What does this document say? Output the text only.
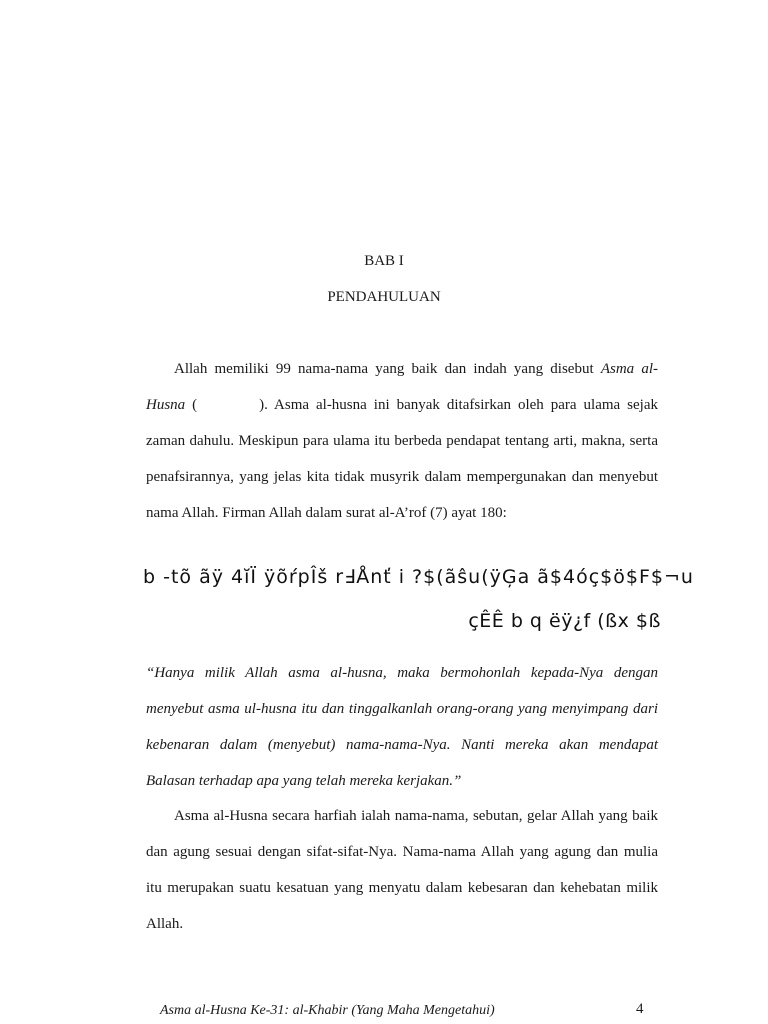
BAB I
PENDAHULUAN

Allah memiliki 99 nama-nama yang baik dan indah yang disebut Asma al-Husna (	). Asma al-husna ini banyak ditafsirkan oleh para ulama sejak zaman dahulu. Meskipun para ulama itu berbeda pendapat tentang arti, makna, serta penafsirannya, yang jelas kita tidak musyrik dalam mempergunakan dan menyebut nama Allah. Firman Allah dalam surat al-A’rof (7) ayat 180:

b -tõ ãÿ 4ĭÏ ÿõŕpÎš r߃Ånť i ?$(ãŝu(ÿĢa ã$4óç$ö$F$¬u
çÊÊ b q ëÿ¿f (ßx $ß
“Hanya milik Allah asma al-husna, maka bermohonlah kepada-Nya dengan menyebut asma ul-husna itu dan tinggalkanlah orang-orang yang menyimpang dari kebenaran dalam (menyebut) nama-nama-Nya. Nanti mereka akan mendapat Balasan terhadap apa yang telah mereka kerjakan.”

Asma al-Husna secara harfiah ialah nama-nama, sebutan, gelar Allah yang baik dan agung sesuai dengan sifat-sifat-Nya. Nama-nama Allah yang agung dan mulia itu merupakan suatu kesatuan yang menyatu dalam kebesaran dan kehebatan milik Allah.

Asma al-Husna Ke-31: al-Khabir (Yang Maha Mengetahui)	4
